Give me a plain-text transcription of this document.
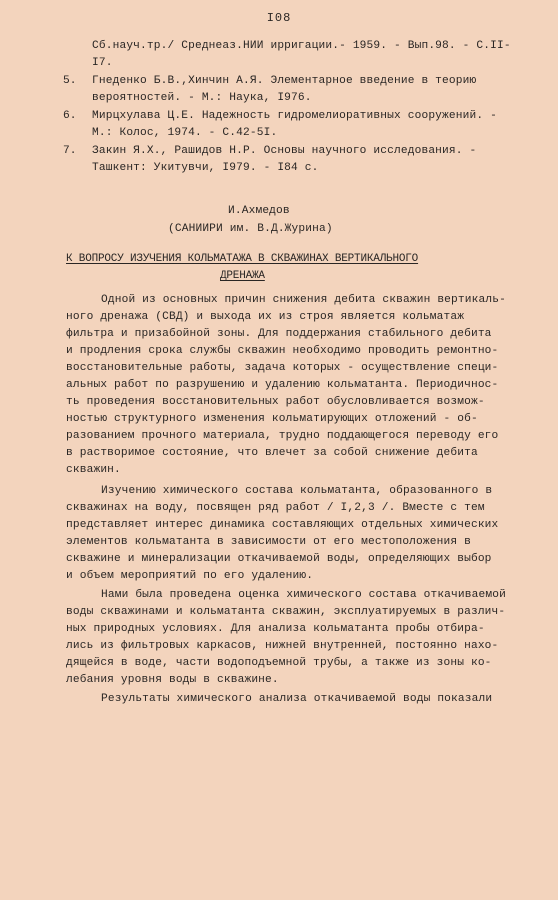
I08
Сб.науч.тр./ Среднеаз.НИИ ирригации.- 1959. - Вып.98. - С.II-
I7.
5. Гнеденко Б.В.,Хинчин А.Я. Элементарное введение в теорию
вероятностей. - М.: Наука, I976.
6. Мирцхулава Ц.Е. Надежность гидромелиоративных сооружений. -
М.: Колос, 1974. - С.42-5I.
7. Закин Я.Х., Рашидов Н.Р. Основы научного исследования. -
Ташкент: Укитувчи, I979. - I84 с.
И.Ахмедов
(САНИИРИ им. В.Д.Журина)
К ВОПРОСУ ИЗУЧЕНИЯ КОЛЬМАТАЖА В СКВАЖИНАХ ВЕРТИКАЛЬНОГО
ДРЕНАЖА
Одной из основных причин снижения дебита скважин вертикаль-
ного дренажа (СВД) и выхода их из строя является кольматаж
фильтра и призабойной зоны. Для поддержания стабильного дебита
и продления срока службы скважин необходимо проводить ремонтно-
восстановительные работы, задача которых - осуществление специ-
альных работ по разрушению и удалению кольматанта. Периодичнос-
ть проведения восстановительных работ обусловливается возмож-
ностью структурного изменения кольматирующих отложений - об-
разованием прочного материала, трудно поддающегося переводу его
в растворимое состояние, что влечет за собой снижение дебита
скважин.
Изучению химического состава кольматанта, образованного в
скважинах на воду, посвящен ряд работ / I,2,3 /. Вместе с тем
представляет интерес динамика составляющих отдельных химических
элементов кольматанта в зависимости от его местоположения в
скважине и минерализации откачиваемой воды, определяющих выбор
и объем мероприятий по его удалению.
Нами была проведена оценка химического состава откачиваемой
воды скважинами и кольматанта скважин, эксплуатируемых в различ-
ных природных условиях. Для анализа кольматанта пробы отбира-
лись из фильтровых каркасов, нижней внутренней, постоянно нахо-
дящейся в воде, части водоподъемной трубы, а также из зоны ко-
лебания уровня воды в скважине.
Результаты химического анализа откачиваемой воды показали
